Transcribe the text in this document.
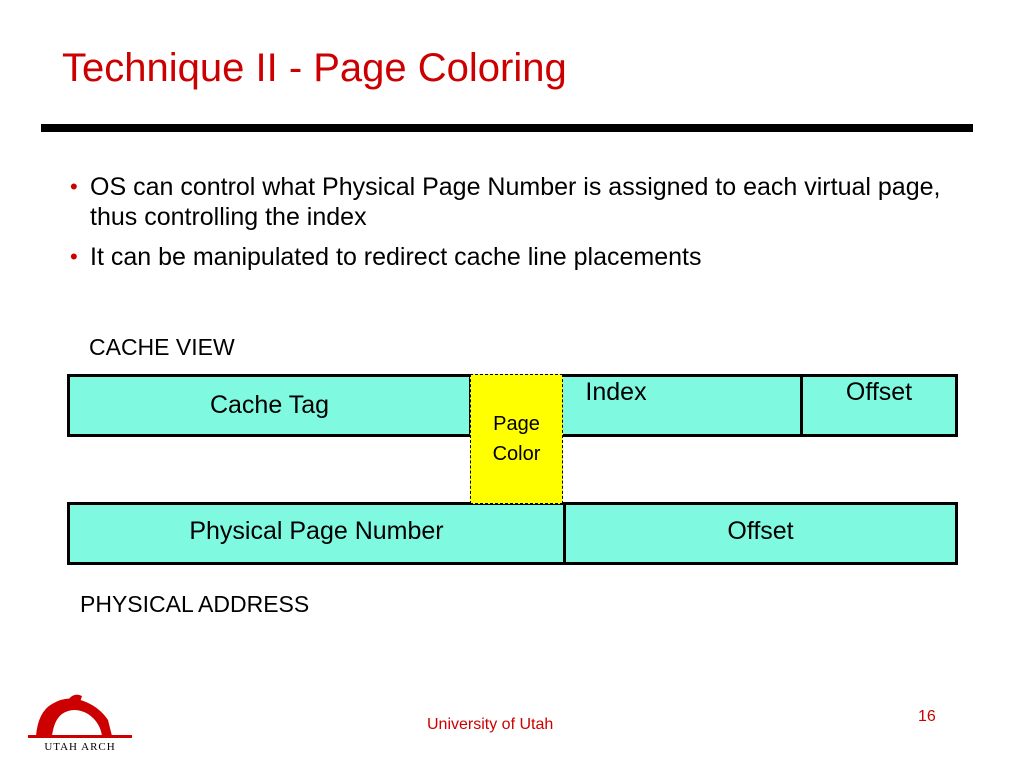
Technique II - Page Coloring
• OS can control what Physical Page Number is assigned to each virtual page, thus controlling the index
• It can be manipulated to redirect cache line placements
CACHE VIEW
Cache Tag	Index	Offset
Physical Page Number	Offset
Page
Color
PHYSICAL ADDRESS
UTAH ARCH
University of Utah	16
